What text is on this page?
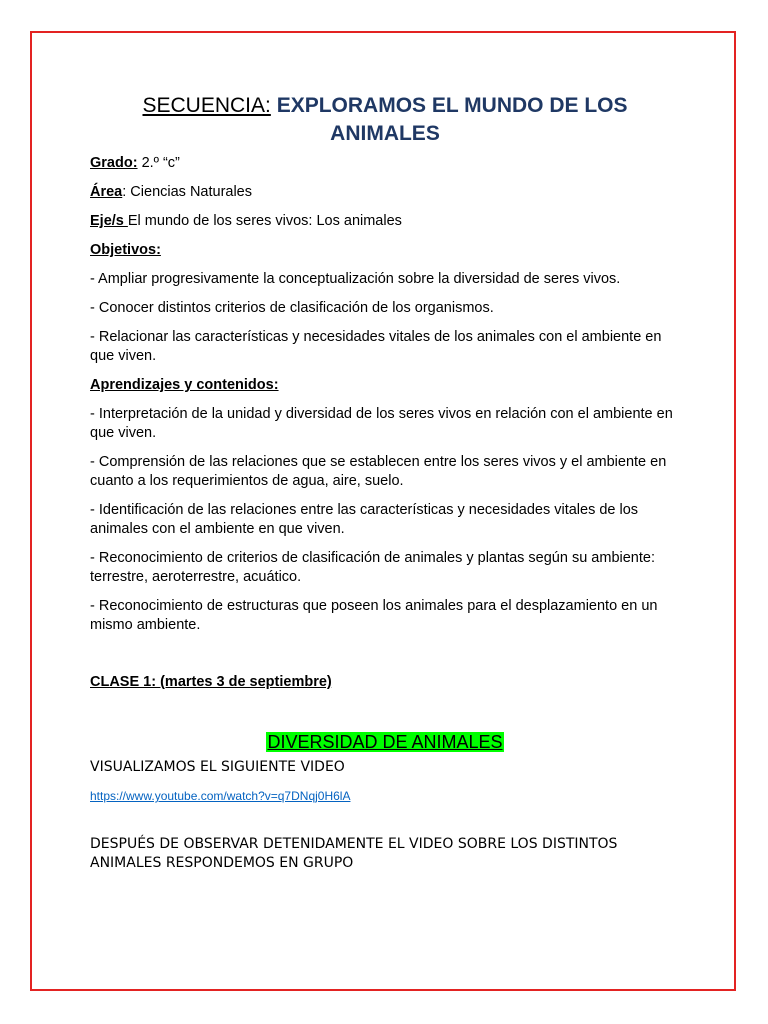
SECUENCIA: EXPLORAMOS EL MUNDO DE LOS ANIMALES

Grado: 2.º “c”

Área: Ciencias Naturales

Eje/s El mundo de los seres vivos: Los animales

Objetivos:

- Ampliar progresivamente la conceptualización sobre la diversidad de seres vivos.

- Conocer distintos criterios de clasificación de los organismos.

- Relacionar las características y necesidades vitales de los animales con el ambiente en que viven.

Aprendizajes y contenidos:

- Interpretación de la unidad y diversidad de los seres vivos en relación con el ambiente en que viven.

- Comprensión de las relaciones que se establecen entre los seres vivos y el ambiente en cuanto a los requerimientos de agua, aire, suelo.

- Identificación de las relaciones entre las características y necesidades vitales de los animales con el ambiente en que viven.

- Reconocimiento de criterios de clasificación de animales y plantas según su ambiente: terrestre, aeroterrestre, acuático.

- Reconocimiento de estructuras que poseen los animales para el desplazamiento en un mismo ambiente.

CLASE 1: (martes 3 de septiembre)

DIVERSIDAD DE ANIMALES

VISUALIZAMOS EL SIGUIENTE VIDEO

https://www.youtube.com/watch?v=q7DNqj0H6lA

DESPUÉS DE OBSERVAR DETENIDAMENTE EL VIDEO SOBRE LOS DISTINTOS ANIMALES RESPONDEMOS EN GRUPO
